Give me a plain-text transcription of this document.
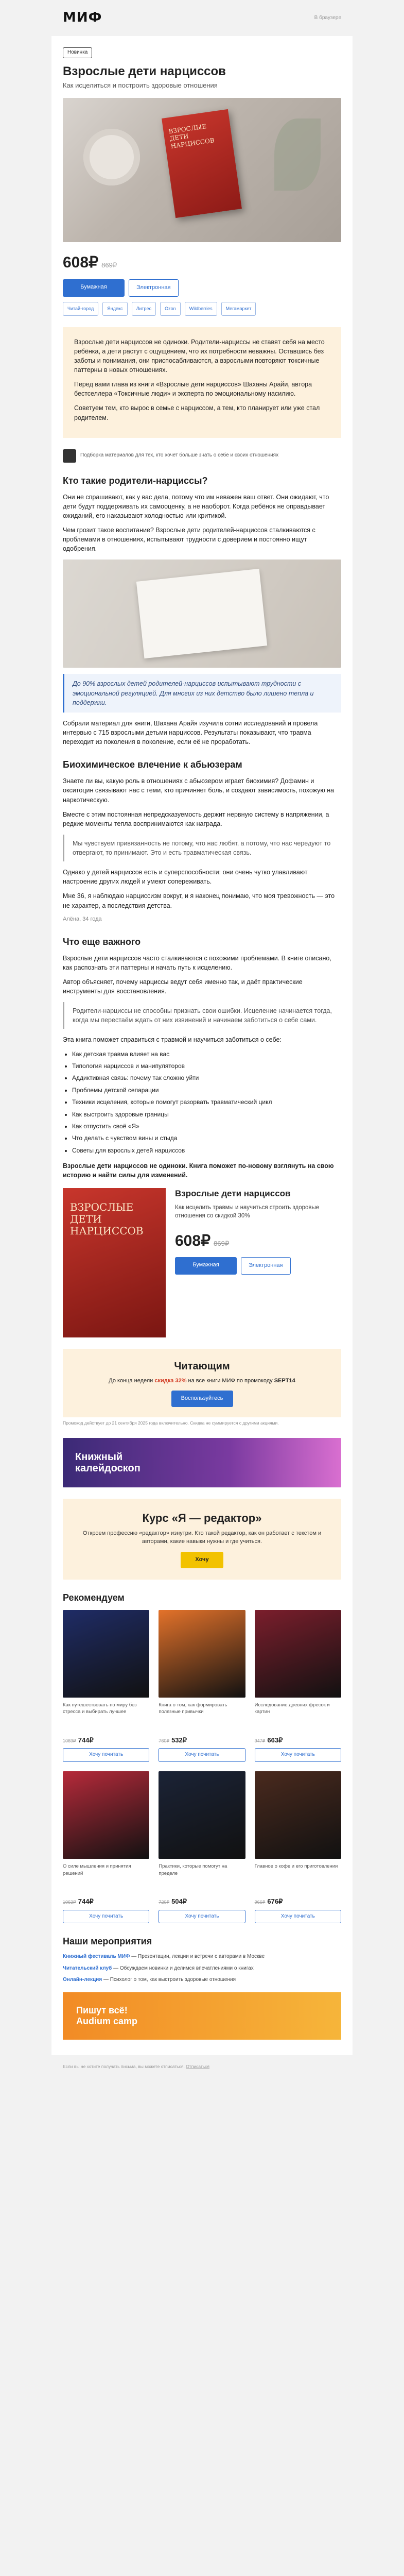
МИФ	В браузере
Новинка
Взрослые дети нарциссов
Как исцелиться и построить здоровые отношения
ВЗРОСЛЫЕ ДЕТИ НАРЦИССОВ
608₽ 869₽
Бумажная	Электронная
Читай-город	Яндекс	Литрес	Ozon	Wildberries	Мегамаркет

Взрослые дети нарциссов не одиноки. Родители-нарциссы не ставят себя на место ребёнка, а дети растут с ощущением, что их потребности неважны. Оставшись без заботы и понимания, они приспосабливаются, а взрослыми повторяют токсичные паттерны в новых отношениях.

Перед вами глава из книги «Взрослые дети нарциссов» Шаханы Арайи, автора бестселлера «Токсичные люди» и эксперта по эмоциональному насилию.

Советуем тем, кто вырос в семье с нарциссом, а тем, кто планирует или уже стал родителем.

Подборка материалов для тех, кто хочет больше знать о себе и своих отношениях
Кто такие родители-нарциссы?

Они не спрашивают, как у вас дела, потому что им неважен ваш ответ. Они ожидают, что дети будут поддерживать их самооценку, а не наоборот. Когда ребёнок не оправдывает ожиданий, его наказывают холодностью или критикой.

Чем грозит такое воспитание? Взрослые дети родителей-нарциссов сталкиваются с проблемами в отношениях, испытывают трудности с доверием и постоянно ищут одобрения.

До 90% взрослых детей родителей-нарциссов испытывают трудности с эмоциональной регуляцией. Для многих из них детство было лишено тепла и поддержки.

Собрали материал для книги, Шахана Арайя изучила сотни исследований и провела интервью с 715 взрослыми детьми нарциссов. Результаты показывают, что травма переходит из поколения в поколение, если её не проработать.

Биохимическое влечение к абьюзерам

Знаете ли вы, какую роль в отношениях с абьюзером играет биохимия? Дофамин и окситоцин связывают нас с теми, кто причиняет боль, и создают зависимость, похожую на наркотическую.

Вместе с этим постоянная непредсказуемость держит нервную систему в напряжении, а редкие моменты тепла воспринимаются как награда.

Мы чувствуем привязанность не потому, что нас любят, а потому, что нас чередуют то отвергают, то принимают. Это и есть травматическая связь.

Однако у детей нарциссов есть и суперспособности: они очень чутко улавливают настроение других людей и умеют сопереживать.

Мне 36, я наблюдаю нарциссизм вокруг, и я наконец понимаю, что моя тревожность — это не характер, а последствия детства.

Алёна, 34 года

Что еще важного

Взрослые дети нарциссов часто сталкиваются с похожими проблемами. В книге описано, как распознать эти паттерны и начать путь к исцелению.

Автор объясняет, почему нарциссы ведут себя именно так, и даёт практические инструменты для восстановления.

Родители-нарциссы не способны признать свои ошибки. Исцеление начинается тогда, когда мы перестаём ждать от них извинений и начинаем заботиться о себе сами.

Эта книга поможет справиться с травмой и научиться заботиться о себе:

• Как детская травма влияет на вас
• Типология нарциссов и манипуляторов
• Аддиктивная связь: почему так сложно уйти
• Проблемы детской сепарации
• Техники исцеления, которые помогут разорвать травматический цикл
• Как выстроить здоровые границы
• Как отпустить своё «Я»
• Что делать с чувством вины и стыда
• Советы для взрослых детей нарциссов

Взрослые дети нарциссов не одиноки. Книга поможет по-новому взглянуть на свою историю и найти силы для изменений.

ВЗРОСЛЫЕ ДЕТИ НАРЦИССОВ
Взрослые дети нарциссов

Как исцелить травмы и научиться строить здоровые отношения со скидкой 30%

608₽ 869₽
Бумажная	Электронная
Читающим

До конца недели скидка 32% на все книги МИФ по промокоду SEPT14

Воспользуйтесь
Промокод действует до 21 сентября 2025 года включительно. Скидка не суммируется с другими акциями.
Книжный
калейдоскоп
Курс «Я — редактор»

Откроем профессию «редактор» изнутри. Кто такой редактор, как он работает с текстом и авторами, какие навыки нужны и где учиться.

Хочу
Рекомендуем
Как путешествовать по миру без стресса и выбирать лучшее
1069₽ 744₽
Хочу почитать
Книга о том, как формировать полезные привычки
760₽ 532₽
Хочу почитать
Исследование древних фресок и картин
947₽ 663₽
Хочу почитать
О силе мышления и принятия решений
1063₽ 744₽
Хочу почитать
Практики, которые помогут на пределе
720₽ 504₽
Хочу почитать
Главное о кофе и его приготовлении
966₽ 676₽
Хочу почитать
Наши мероприятия

Книжный фестиваль МИФ — Презентации, лекции и встречи с авторами в Москве

Читательский клуб — Обсуждаем новинки и делимся впечатлениями о книгах

Онлайн-лекция — Психолог о том, как выстроить здоровые отношения

Пишут всё!
Audium camp
Если вы не хотите получать письма, вы можете отписаться. Отписаться
